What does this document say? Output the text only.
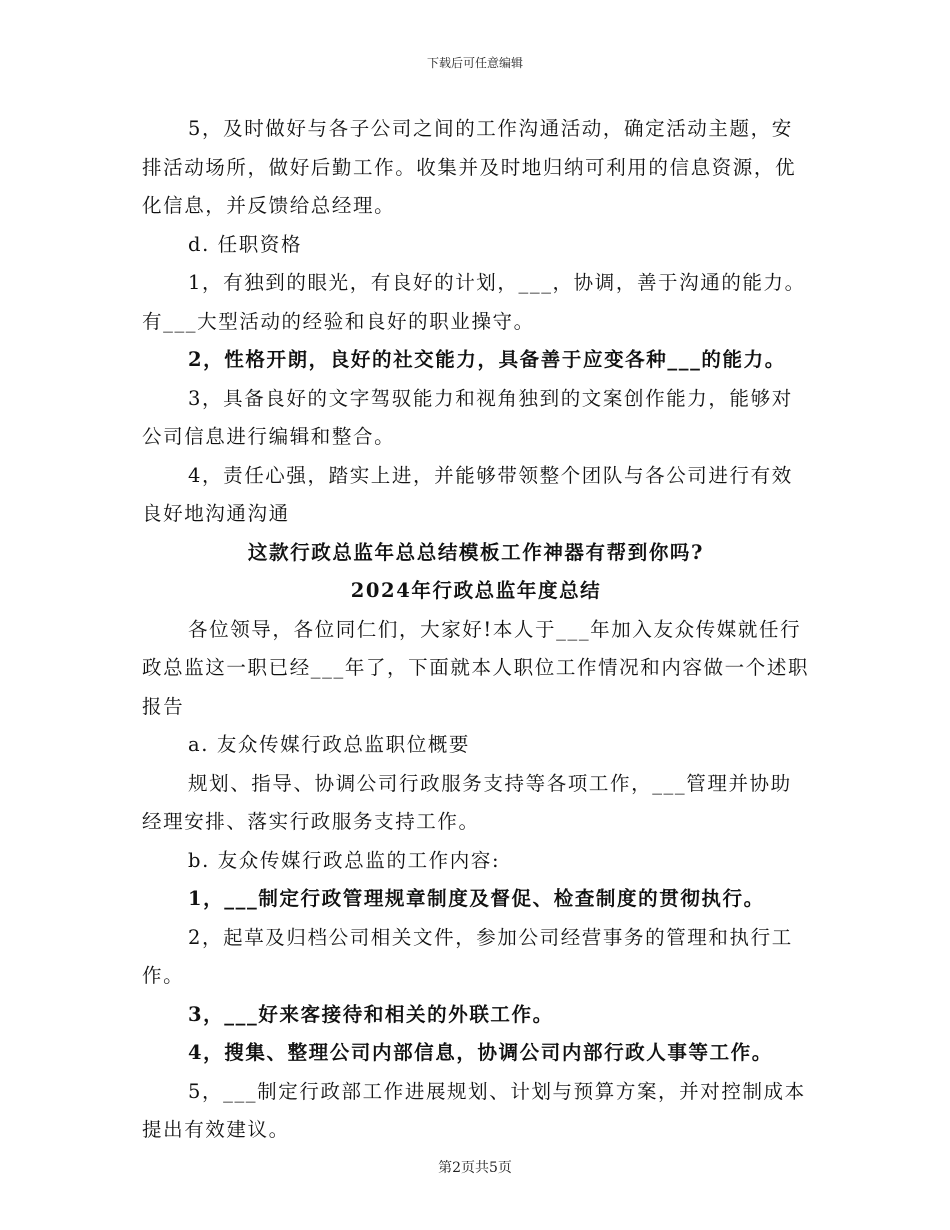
下载后可任意编辑

5，及时做好与各子公司之间的工作沟通活动，确定活动主题，安排活动场所，做好后勤工作。收集并及时地归纳可利用的信息资源，优化信息，并反馈给总经理。

d. 任职资格

1，有独到的眼光，有良好的计划，___，协调，善于沟通的能力。有___大型活动的经验和良好的职业操守。

2，性格开朗，良好的社交能力，具备善于应变各种___的能力。

3，具备良好的文字驾驭能力和视角独到的文案创作能力，能够对公司信息进行编辑和整合。

4，责任心强，踏实上进，并能够带领整个团队与各公司进行有效良好地沟通沟通

这款行政总监年总总结模板工作神器有帮到你吗?

2024年行政总监年度总结

各位领导，各位同仁们，大家好!本人于___年加入友众传媒就任行政总监这一职已经___年了，下面就本人职位工作情况和内容做一个述职报告

a. 友众传媒行政总监职位概要

规划、指导、协调公司行政服务支持等各项工作，___管理并协助经理安排、落实行政服务支持工作。

b. 友众传媒行政总监的工作内容:

1，___制定行政管理规章制度及督促、检查制度的贯彻执行。

2，起草及归档公司相关文件，参加公司经营事务的管理和执行工作。

3，___好来客接待和相关的外联工作。

4，搜集、整理公司内部信息，协调公司内部行政人事等工作。

5，___制定行政部工作进展规划、计划与预算方案，并对控制成本提出有效建议。

第2页共5页
